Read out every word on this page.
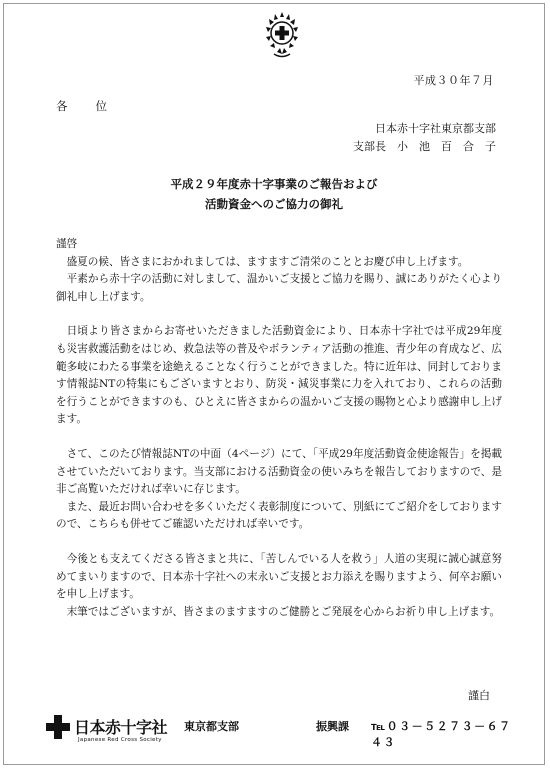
平成３０年７月
各位
日本赤十字社東京都支部
支部長　小　池　百　合　子
平成２９年度赤十字事業のご報告および
活動資金へのご協力の御礼

謹啓

盛夏の候、皆さまにおかれましては、ますますご清栄のこととお慶び申し上げます。

平素から赤十字の活動に対しまして、温かいご支援とご協力を賜り、誠にありがたく心より御礼申し上げます。

日頃より皆さまからお寄せいただきました活動資金により、日本赤十字社では平成29年度も災害救護活動をはじめ、救急法等の普及やボランティア活動の推進、青少年の育成など、広範多岐にわたる事業を途絶えることなく行うことができました。特に近年は、同封しております情報誌NTの特集にもございますとおり、防災・減災事業に力を入れており、これらの活動を行うことができますのも、ひとえに皆さまからの温かいご支援の賜物と心より感謝申し上げます。

さて、このたび情報誌NTの中面（4ページ）にて、「平成29年度活動資金使途報告」を掲載させていただいております。当支部における活動資金の使いみちを報告しておりますので、是非ご高覧いただければ幸いに存じます。

また、最近お問い合わせを多くいただく表彰制度について、別紙にてご紹介をしておりますので、こちらも併せてご確認いただければ幸いです。

今後とも支えてくださる皆さまと共に、「苦しんでいる人を救う」人道の実現に誠心誠意努めてまいりますので、日本赤十字社への末永いご支援とお力添えを賜りますよう、何卒お願いを申し上げます。

末筆ではございますが、皆さまのますますのご健勝とご発展を心からお祈り申し上げます。

謹白
日本赤十字社
Japanese Red Cross Society
東京都支部	振興課 ℡０３－５２７３－６７４３
